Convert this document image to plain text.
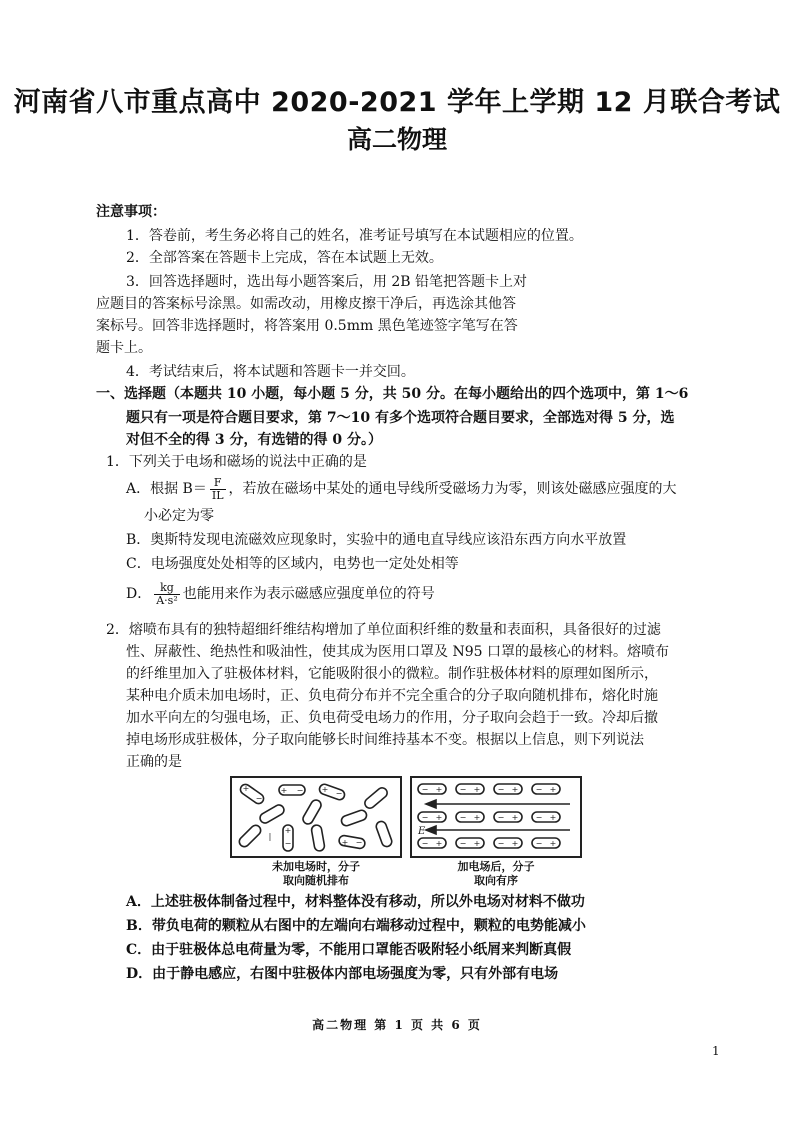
河南省八市重点高中 2020-2021 学年上学期 12 月联合考试
高二物理
注意事项：
1．答卷前，考生务必将自己的姓名，准考证号填写在本试题相应的位置。
2．全部答案在答题卡上完成，答在本试题上无效。
3．回答选择题时，选出每小题答案后，用 2B 铅笔把答题卡上对
应题目的答案标号涂黑。如需改动，用橡皮擦干净后，再选涂其他答
案标号。回答非选择题时，将答案用 0.5mm 黑色笔迹签字笔写在答
题卡上。
4．考试结束后，将本试题和答题卡一并交回。
一、选择题（本题共 10 小题，每小题 5 分，共 50 分。在每小题给出的四个选项中，第 1～6
题只有一项是符合题目要求，第 7～10 有多个选项符合题目要求，全部选对得 5 分，选
对但不全的得 3 分，有选错的得 0 分。）
1．下列关于电场和磁场的说法中正确的是
A．根据 $B= \frac{F}{IL}$ ，若放在磁场中某处的通电导线所受磁场力为零，则该处磁感应强度的大
小必定为零
B．奥斯特发现电流磁效应现象时，实验中的通电直导线应该沿东西方向水平放置
C．电场强度处处相等的区域内，电势也一定处处相等
D． $\frac{kg}{\text{A·s²}}$ 也能用来作为表示磁感应强度单位的符号
2．熔喷布具有的独特超细纤维结构增加了单位面积纤维的数量和表面积，具备很好的过滤
性、屏蔽性、绝热性和吸油性，使其成为医用口罩及 N95 口罩的最核心的材料。熔喷布
的纤维里加入了驻极体材料，它能吸附很小的微粒。制作驻极体材料的原理如图所示，
某种电介质未加电场时，正、负电荷分布并不完全重合的分子取向随机排布，熔化时施
加水平向左的匀强电场，正、负电荷受电场力的作用，分子取向会趋于一致。冷却后撤
掉电场形成驻极体，分子取向能够长时间维持基本不变。根据以上信息，则下列说法
正确的是
+
−
+ − + −
|
+
−	+ −
未加电场时，分子
取向随机排布
− + − + − + − +
− + − + − + − +
− + − + − + − +
E
加电场后，分子
取向有序
A．上述驻极体制备过程中，材料整体没有移动，所以外电场对材料不做功
B．带负电荷的颗粒从右图中的左端向右端移动过程中，颗粒的电势能减小
C．由于驻极体总电荷量为零，不能用口罩能否吸附轻小纸屑来判断真假
D．由于静电感应，右图中驻极体内部电场强度为零，只有外部有电场
高二物理 第 1 页 共 6 页
1
